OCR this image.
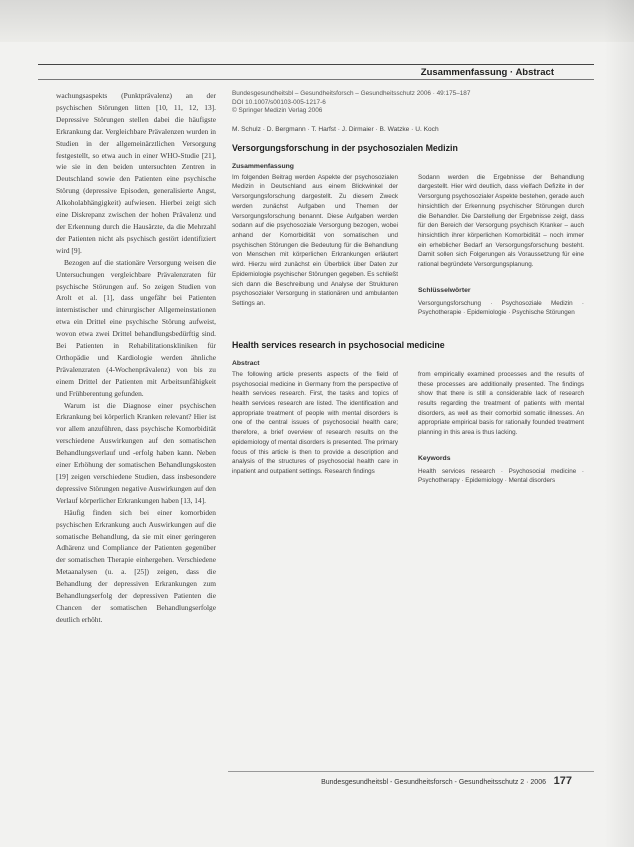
Zusammenfassung · Abstract

wachungsaspekts (Punktprävalenz) an der psychischen Störungen litten [10, 11, 12, 13]. Depressive Störungen stellen dabei die häufigste Erkrankung dar. Vergleichbare Prävalenzen wurden in Studien in der allgemeinärztlichen Versorgung festgestellt, so etwa auch in einer WHO-Studie [21], wie sie in den beiden untersuchten Zentren in Deutschland sowie den Patienten eine psychische Störung (depressive Episoden, generalisierte Angst, Alkoholabhängigkeit) aufwiesen. Hierbei zeigt sich eine Diskrepanz zwischen der hohen Prävalenz und der Erkennung durch die Hausärzte, da die Mehrzahl der Patienten nicht als psychisch gestört identifiziert wird [9].

Bezogen auf die stationäre Versorgung weisen die Untersuchungen vergleichbare Prävalenzraten für psychische Störungen auf. So zeigen Studien von Arolt et al. [1], dass ungefähr bei Patienten internistischer und chirurgischer Allgemeinstationen etwa ein Drittel eine psychische Störung aufweist, wovon etwa zwei Drittel behandlungsbedürftig sind. Bei Patienten in Rehabilitationskliniken für Orthopädie und Kardiologie werden ähnliche Prävalenzraten (4-Wochenprävalenz) von bis zu einem Drittel der Patienten mit Arbeitsunfähigkeit und Frühberentung gefunden.

Warum ist die Diagnose einer psychischen Erkrankung bei körperlich Kranken relevant? Hier ist vor allem anzuführen, dass psychische Komorbidität verschiedene Auswirkungen auf den somatischen Behandlungsverlauf und -erfolg haben kann. Neben einer Erhöhung der somatischen Behandlungskosten [19] zeigen verschiedene Studien, dass insbesondere depressive Störungen negative Auswirkungen auf den Verlauf körperlicher Erkrankungen haben [13, 14].

Häufig finden sich bei einer komorbiden psychischen Erkrankung auch Auswirkungen auf die somatische Behandlung, da sie mit einer geringeren Adhärenz und Compliance der Patienten gegenüber der somatischen Therapie einhergehen. Verschiedene Metaanalysen (u. a. [25]) zeigen, dass die Behandlung der depressiven Erkrankungen zum Behandlungserfolg der depressiven Patienten die Chancen der somatischen Behandlungserfolge deutlich erhöht.

Bundesgesundheitsbl – Gesundheitsforsch – Gesundheitsschutz 2006 · 49:175–187
DOI 10.1007/s00103-005-1217-6
© Springer Medizin Verlag 2006
M. Schulz · D. Bergmann · T. Harfst · J. Dirmaier · B. Watzke · U. Koch
Versorgungsforschung in der psychosozialen Medizin
Zusammenfassung

Im folgenden Beitrag werden Aspekte der psychosozialen Medizin in Deutschland aus einem Blickwinkel der Versorgungsforschung dargestellt. Zu diesem Zweck werden zunächst Aufgaben und Themen der Versorgungsforschung benannt. Diese Aufgaben werden sodann auf die psychosoziale Versorgung bezogen, wobei anhand der Komorbidität von somatischen und psychischen Störungen die Bedeutung für die Behandlung von Menschen mit körperlichen Erkrankungen erläutert wird. Hierzu wird zunächst ein Überblick über Daten zur Epidemiologie psychischer Störungen gegeben. Es schließt sich dann die Beschreibung und Analyse der Strukturen psychosozialer Versorgung in stationären und ambulanten Settings an.

Sodann werden die Ergebnisse der Behandlung dargestellt. Hier wird deutlich, dass vielfach Defizite in der Versorgung psychosozialer Aspekte bestehen, gerade auch hinsichtlich der Erkennung psychischer Störungen durch die Behandler. Die Darstellung der Ergebnisse zeigt, dass für den Bereich der Versorgung psychisch Kranker – auch hinsichtlich ihrer körperlichen Komorbidität – noch immer ein erheblicher Bedarf an Versorgungsforschung besteht. Damit sollen sich Folgerungen als Voraussetzung für eine rational begründete Versorgungsplanung.

Schlüsselwörter

Versorgungsforschung · Psychosoziale Medizin · Psychotherapie · Epidemiologie · Psychische Störungen

Health services research in psychosocial medicine
Abstract

The following article presents aspects of the field of psychosocial medicine in Germany from the perspective of health services research. First, the tasks and topics of health services research are listed. The identification and appropriate treatment of people with mental disorders is one of the central issues of psychosocial health care; therefore, a brief overview of research results on the epidemiology of mental disorders is presented. The primary focus of this article is then to provide a description and analysis of the structures of psychosocial health care in inpatient and outpatient settings. Research findings

from empirically examined processes and the results of these processes are additionally presented. The findings show that there is still a considerable lack of research results regarding the treatment of patients with mental disorders, as well as their comorbid somatic illnesses. An appropriate empirical basis for rationally founded treatment planning in this area is thus lacking.

Keywords

Health services research · Psychosocial medicine · Psychotherapy · Epidemiology · Mental disorders

Bundesgesundheitsbl - Gesundheitsforsch - Gesundheitsschutz 2 · 2006 177
